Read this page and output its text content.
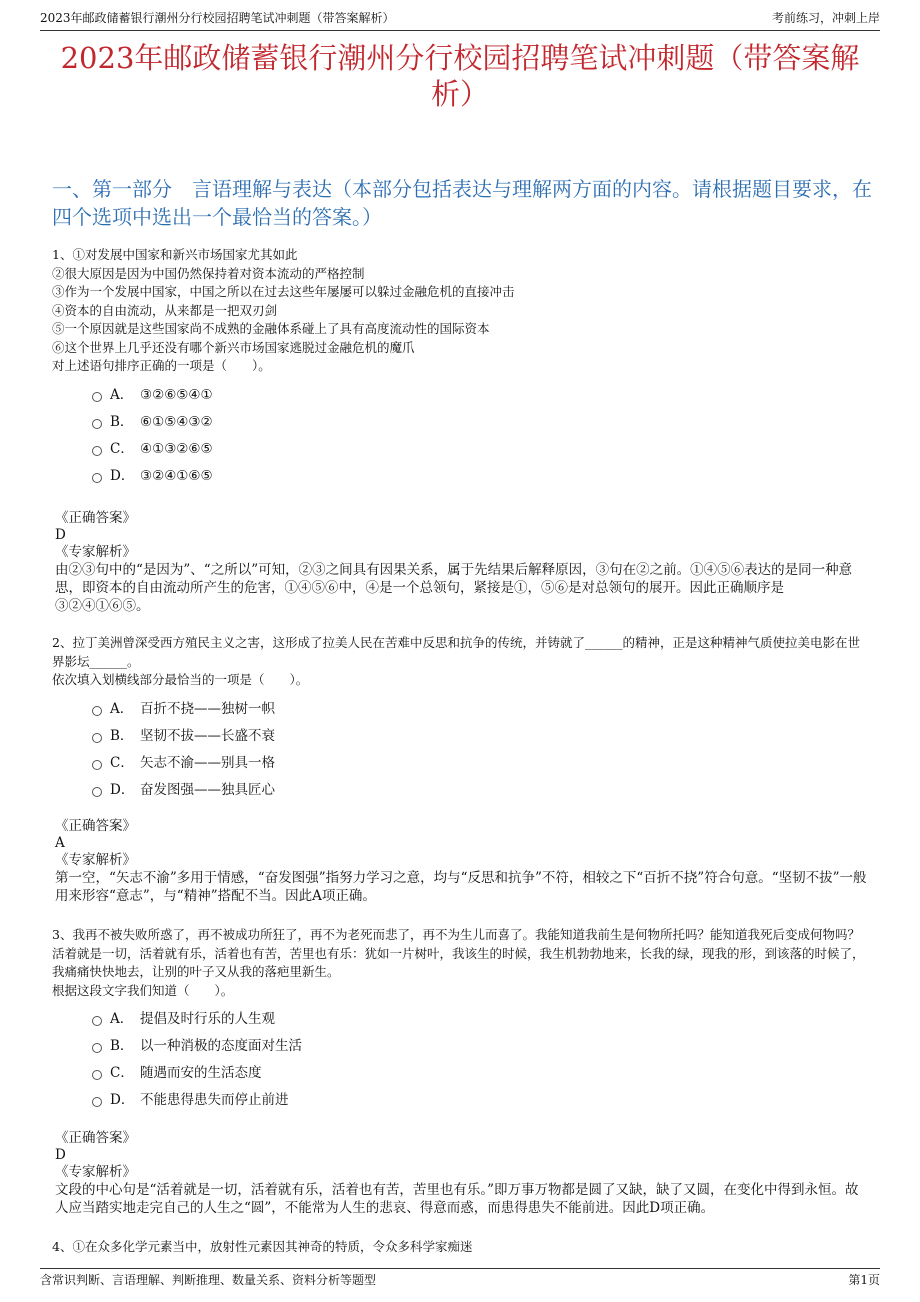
2023年邮政储蓄银行潮州分行校园招聘笔试冲刺题（带答案解析）	考前练习，冲刺上岸
2023年邮政储蓄银行潮州分行校园招聘笔试冲刺题（带答案解析）
一、第一部分　言语理解与表达（本部分包括表达与理解两方面的内容。请根据题目要求，在四个选项中选出一个最恰当的答案。）

1、①对发展中国家和新兴市场国家尤其如此

②很大原因是因为中国仍然保持着对资本流动的严格控制

③作为一个发展中国家，中国之所以在过去这些年屡屡可以躲过金融危机的直接冲击

④资本的自由流动，从来都是一把双刃剑

⑤一个原因就是这些国家尚不成熟的金融体系碰上了具有高度流动性的国际资本

⑥这个世界上几乎还没有哪个新兴市场国家逃脱过金融危机的魔爪

对上述语句排序正确的一项是（　　）。

A． ③②⑥⑤④①
B． ⑥①⑤④③②
C． ④①③②⑥⑤
D． ③②④①⑥⑤

《正确答案》

D

《专家解析》

由②③句中的“是因为”、“之所以”可知，②③之间具有因果关系，属于先结果后解释原因，③句在②之前。①④⑤⑥表达的是同一种意思，即资本的自由流动所产生的危害，①④⑤⑥中，④是一个总领句，紧接是①，⑤⑥是对总领句的展开。因此正确顺序是③②④①⑥⑤。

2、拉丁美洲曾深受西方殖民主义之害，这形成了拉美人民在苦难中反思和抗争的传统，并铸就了______的精神，正是这种精神气质使拉美电影在世界影坛______。

依次填入划横线部分最恰当的一项是（　　）。

A． 百折不挠——独树一帜
B． 坚韧不拔——长盛不衰
C． 矢志不渝——别具一格
D． 奋发图强——独具匠心

《正确答案》

A

《专家解析》

第一空，“矢志不渝”多用于情感，“奋发图强”指努力学习之意，均与“反思和抗争”不符，相较之下“百折不挠”符合句意。“坚韧不拔”一般用来形容“意志”，与“精神”搭配不当。因此A项正确。

3、我再不被失败所惑了，再不被成功所狂了，再不为老死而悲了，再不为生儿而喜了。我能知道我前生是何物所托吗？能知道我死后变成何物吗？活着就是一切，活着就有乐，活着也有苦，苦里也有乐：犹如一片树叶，我该生的时候，我生机勃勃地来，长我的绿，现我的形，到该落的时候了，我痛痛快快地去，让别的叶子又从我的落疤里新生。

根据这段文字我们知道（　　）。

A． 提倡及时行乐的人生观
B． 以一种消极的态度面对生活
C． 随遇而安的生活态度
D． 不能患得患失而停止前进

《正确答案》

D

《专家解析》

文段的中心句是“活着就是一切，活着就有乐，活着也有苦，苦里也有乐。”即万事万物都是圆了又缺，缺了又圆，在变化中得到永恒。故人应当踏实地走完自己的人生之“圆”，不能常为人生的悲哀、得意而惑，而患得患失不能前进。因此D项正确。

4、①在众多化学元素当中，放射性元素因其神奇的特质，令众多科学家痴迷

含常识判断、言语理解、判断推理、数量关系、资料分析等题型	第1页
